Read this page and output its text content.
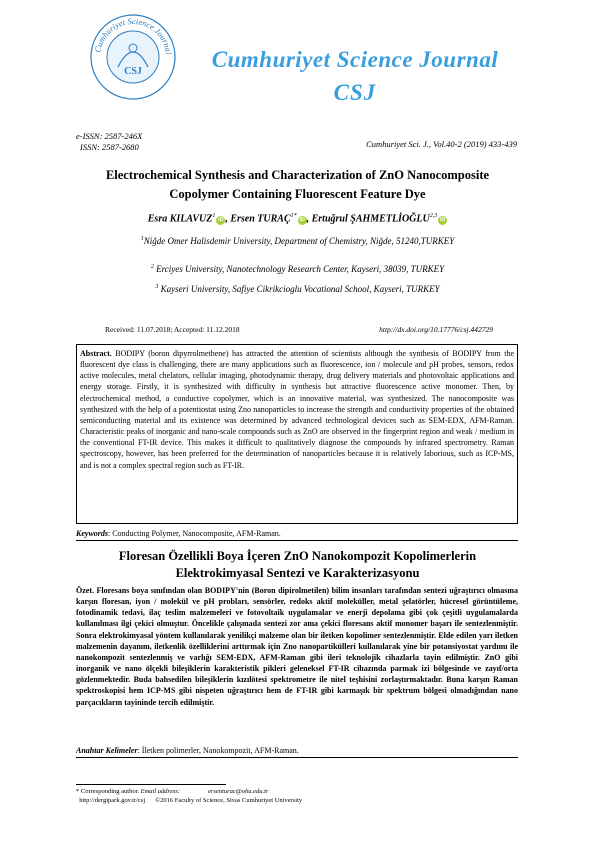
Cumhuriyet Science Journal
CSJ	Cumhuriyet Science Journal
CSJ
e-ISSN: 2587-246X
ISSN: 2587-2680	Cumhuriyet Sci. J., Vol.40-2 (2019) 433-439
Electrochemical Synthesis and Characterization of ZnO Nanocomposite
Copolymer Containing Fluorescent Feature Dye
Esra KILAVUZ$^1$iD , Ersen $TURAÇ^{1*}iD$ , Ertuğrul ŞAHMETLİOĞLU$^{2,3}$iD
$^1$Niğde Omer Halisdemir University, Department of Chemistry, Niğde, 51240,TURKEY
$^2$ Erciyes University, Nanotechnology Research Center, Kayseri, 38039, TURKEY
$^3$ Kayseri University, Safiye Cikrikcioglu Vocational School, Kayseri, TURKEY
Received: 11.07.2018; Accepted: 11.12.2018	http://dx.doi.org/10.17776/csj.442729
Abstract. BODIPY (boron dipyrrolmethene) has attracted the attention of scientists although the synthesis of BODIPY from the fluorescent dye class is challenging, there are many applications such as fluorescence, ion / molecule and pH probes, sensors, redox active molecules, metal chelators, cellular imaging, photodynamic therapy, drug delivery materials and photovoltaic applications and energy storage. Firstly, it is synthesized with difficulty in synthesis but attractive fluorescence active monomer. Then, by electrochemical method, a conductive copolymer, which is an innovative material, was synthesized. The nanocomposite was synthesized with the help of a potentiostat using Zno nanoparticles to increase the strength and conductivity properties of the obtained semiconducting material and its existence was determined by advanced technological devices such as SEM-EDX, AFM-Raman. Characteristic peaks of inorganic and nano-scale compounds such as ZnO are observed in the fingerprint region and weak / medium in the conventional FT-IR device. This makes it difficult to qualitatively diagnose the compounds by infrared spectrometry. Raman spectroscopy, however, has been preferred for the determination of nanoparticles because it is relatively laborious, such as ICP-MS, and is not a complex spectral region such as FT-IR.
Keywords: Conducting Polymer, Nanocomposite, AFM-Raman.
Floresan Özellikli Boya İçeren ZnO Nanokompozit Kopolimerlerin
Elektrokimyasal Sentezi ve Karakterizasyonu
Özet. Floresans boya sınıfından olan BODIPY'nin (Boron dipirolmetilen) bilim insanları tarafından sentezi uğraştırıcı olmasına karşın floresan, iyon / molekül ve pH probları, sensörler, redoks aktif moleküller, metal şelatörler, hücresel görüntüleme, fotodinamik tedavi, ilaç teslim malzemeleri ve fotovoltaik uygulamalar ve enerji depolama gibi çok çeşitli uygulamalarda kullanılması ilgi çekici olmuştur. Öncelikle çalışmada sentezi zor ama çekici floresans aktif monomer başarı ile sentezlenmiştir. Sonra elektrokimyasal yöntem kullanılarak yenilikçi malzeme olan bir iletken kopolimer sentezlenmiştir. Elde edilen yarı iletken malzemenin dayanım, iletkenlik özelliklerini arttırmak için Zno nanopartikülleri kullanılarak yine bir potansiyostat yardımı ile nanokompozit sentezlenmiş ve varlığı SEM-EDX, AFM-Raman gibi ileri teknolojik cihazlarla tayin edilmiştir. ZnO gibi inorganik ve nano ölçekli bileşiklerin karakteristik pikleri geleneksel FT-IR cihazında parmak izi bölgesinde ve zayıf/orta gözlenmektedir. Buda bahsedilen bileşiklerin kızılötesi spektrometre ile nitel teşhisini zorlaştırmaktadır. Buna karşın Raman spektroskopisi hem ICP-MS gibi nispeten uğraştırıcı hem de FT-IR gibi karmaşık bir spektrum bölgesi olmadığından nano parçacıkların tayininde tercih edilmiştir.
Anahtar Kelimeler: İletken polimerler, Nanokompozit, AFM-Raman.
* Corresponding author. Email address:	ersenturac@ohu.edu.tr
http://dergipark.gov.tr/csj ©2016 Faculty of Science, Sivas Cumhuriyet University
